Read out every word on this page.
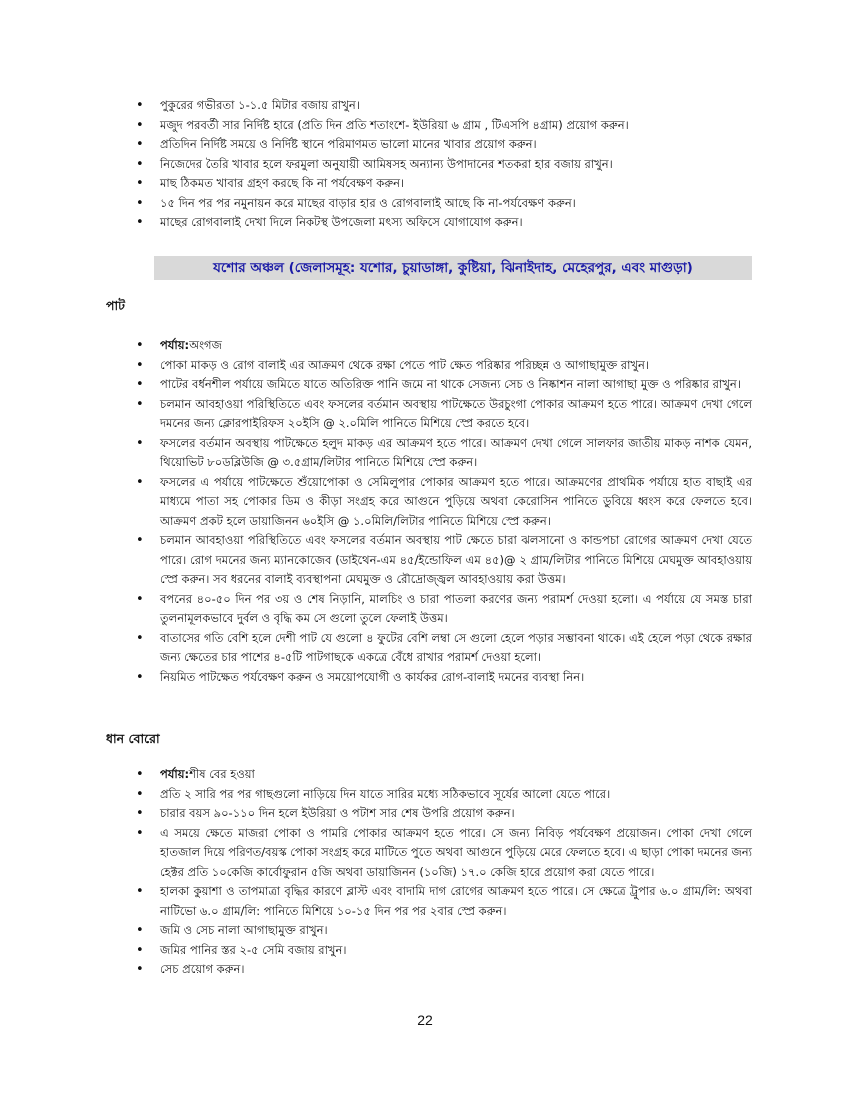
• পুকুরের গভীরতা ১-১.৫ মিটার বজায় রাখুন।
• মজুদ পরবর্তী সার নির্দিষ্ট হারে (প্রতি দিন প্রতি শতাংশে- ইউরিয়া ৬ গ্রাম , টিএসপি ৪গ্রাম) প্রয়োগ করুন।
• প্রতিদিন নির্দিষ্ট সময়ে ও নির্দিষ্ট স্থানে পরিমাণমত ভালো মানের খাবার প্রয়োগ করুন।
• নিজেদের তৈরি খাবার হলে ফরমুলা অনুযায়ী আমিষসহ অন্যান্য উপাদানের শতকরা হার বজায় রাখুন।
• মাছ ঠিকমত খাবার গ্রহণ করছে কি না পর্যবেক্ষণ করুন।
• ১৫ দিন পর পর নমুনায়ন করে মাছের বাড়ার হার ও রোগবালাই আছে কি না-পর্যবেক্ষণ করুন।
• মাছের রোগবালাই দেখা দিলে নিকটস্থ উপজেলা মৎস্য অফিসে যোগাযোগ করুন।
যশোর অঞ্চল (জেলাসমূহ: যশোর, চুয়াডাঙ্গা, কুষ্টিয়া, ঝিনাইদাহ, মেহেরপুর, এবং মাগুড়া)
পাট
• পর্যায়:অংগজ
• পোকা মাকড় ও রোগ বালাই এর আক্রমণ থেকে রক্ষা পেতে পাট ক্ষেত পরিষ্কার পরিচ্ছন্ন ও আগাছামুক্ত রাখুন।
• পাটের বর্ধনশীল পর্যায়ে জমিতে যাতে অতিরিক্ত পানি জমে না থাকে সেজন্য সেচ ও নিষ্কাশন নালা আগাছা মুক্ত ও পরিষ্কার রাখুন।
• চলমান আবহাওয়া পরিস্থিতিতে এবং ফসলের বর্তমান অবস্থায় পাটক্ষেতে উরচুংগা পোকার আক্রমণ হতে পারে। আক্রমণ দেখা গেলে দমনের জন্য ক্লোরপাইরিফস ২০ইসি @ ২.০মিলি পানিতে মিশিয়ে স্প্রে করতে হবে।
• ফসলের বর্তমান অবস্থায় পাটক্ষেতে হলুদ মাকড় এর আক্রমণ হতে পারে। আক্রমণ দেখা গেলে সালফার জাতীয় মাকড় নাশক যেমন, থিয়োভিট ৮০ডব্লিউজি @ ৩.৫গ্রাম/লিটার পানিতে মিশিয়ে স্প্রে করুন।
• ফসলের এ পর্যায়ে পাটক্ষেতে শুঁয়োপোকা ও সেমিলুপার পোকার আক্রমণ হতে পারে। আক্রমণের প্রাথমিক পর্যায়ে হাত বাছাই এর মাধ্যমে পাতা সহ পোকার ডিম ও কীড়া সংগ্রহ করে আগুনে পুড়িয়ে অথবা কেরোসিন পানিতে ডুবিয়ে ধ্বংস করে ফেলতে হবে। আক্রমণ প্রকট হলে ডায়াজিনন ৬০ইসি @ ১.০মিলি/লিটার পানিতে মিশিয়ে স্প্রে করুন।
• চলমান আবহাওয়া পরিস্থিতিতে এবং ফসলের বর্তমান অবস্থায় পাট ক্ষেতে চারা ঝলসানো ও কান্ডপচা রোগের আক্রমণ দেখা যেতে পারে। রোগ দমনের জন্য ম্যানকোজেব (ডাইথেন-এম ৪৫/ইন্ডোফিল এম ৪৫)@ ২ গ্রাম/লিটার পানিতে মিশিয়ে মেঘমুক্ত আবহাওয়ায় স্প্রে করুন। সব ধরনের বালাই ব্যবস্থাপনা মেঘমুক্ত ও রৌদ্রোজ্জ্বল আবহাওয়ায় করা উত্তম।
• বপনের ৪০-৫০ দিন পর ৩য় ও শেষ নিড়ানি, মালচিং ও চারা পাতলা করণের জন্য পরামর্শ দেওয়া হলো। এ পর্যায়ে যে সমস্ত চারা তুলনামূলকভাবে দুর্বল ও বৃদ্ধি কম সে গুলো তুলে ফেলাই উত্তম।
• বাতাসের গতি বেশি হলে দেশী পাট যে গুলো ৪ ফুটের বেশি লম্বা সে গুলো হেলে পড়ার সম্ভাবনা থাকে। এই হেলে পড়া থেকে রক্ষার জন্য ক্ষেতের চার পাশের ৪-৫টি পাটগাছকে একত্রে বেঁধে রাখার পরামর্শ দেওয়া হলো।
• নিয়মিত পাটক্ষেত পর্যবেক্ষণ করুন ও সময়োপযোগী ও কার্যকর রোগ-বালাই দমনের ব্যবস্থা নিন।
ধান বোরো
• পর্যায়:শীষ বের হওয়া
• প্রতি ২ সারি পর পর গাছগুলো নাড়িয়ে দিন যাতে সারির মধ্যে সঠিকভাবে সূর্যের আলো যেতে পারে।
• চারার বয়স ৯০-১১০ দিন হলে ইউরিয়া ও পটাশ সার শেষ উপরি প্রয়োগ করুন।
• এ সময়ে ক্ষেতে মাজরা পোকা ও পামরি পোকার আক্রমণ হতে পারে। সে জন্য নিবিড় পর্যবেক্ষণ প্রয়োজন। পোকা দেখা গেলে হাতজাল দিয়ে পরিণত/বয়স্ক পোকা সংগ্রহ করে মাটিতে পুতে অথবা আগুনে পুড়িয়ে মেরে ফেলতে হবে। এ ছাড়া পোকা দমনের জন্য হেক্টর প্রতি ১০কেজি কার্বোফুরান ৫জি অথবা ডায়াজিনন (১০জি) ১৭.০ কেজি হারে প্রয়োগ করা যেতে পারে।
• হালকা কুয়াশা ও তাপমাত্রা বৃদ্ধির কারণে ব্লাস্ট এবং বাদামি দাগ রোগের আক্রমণ হতে পারে। সে ক্ষেত্রে ট্রুপার ৬.০ গ্রাম/লি: অথবা নাটিভো ৬.০ গ্রাম/লি: পানিতে মিশিয়ে ১০-১৫ দিন পর পর ২বার স্প্রে করুন।
• জমি ও সেচ নালা আগাছামুক্ত রাখুন।
• জমির পানির স্তর ২-৫ সেমি বজায় রাখুন।
• সেচ প্রয়োগ করুন।
22
